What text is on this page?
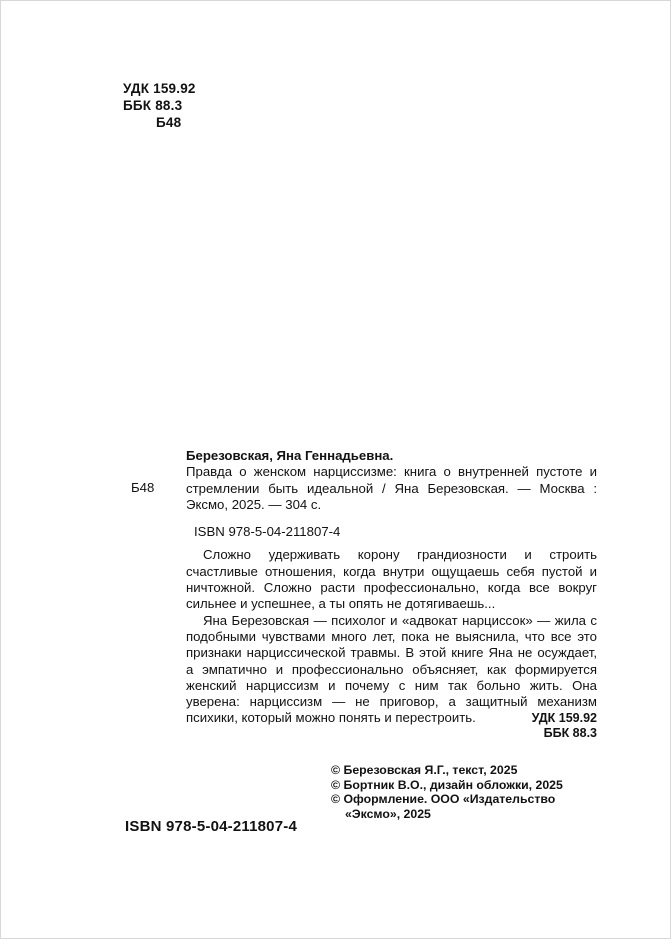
УДК 159.92
ББК 88.3
Б48
Березовская, Яна Геннадьевна.
Б48
Правда о женском нарциссизме: книга о внутренней пустоте и стремлении быть идеальной / Яна Березовская. — Москва : Эксмо, 2025. — 304 с.
ISBN 978-5-04-211807-4

Сложно удерживать корону грандиозности и строить счастливые отношения, когда внутри ощущаешь себя пустой и ничтожной. Сложно расти профессионально, когда все вокруг сильнее и успешнее, а ты опять не дотягиваешь...

Яна Березовская — психолог и «адвокат нарциссок» — жила с подобными чувствами много лет, пока не выяснила, что все это признаки нарциссической травмы. В этой книге Яна не осуждает, а эмпатично и профессионально объясняет, как формируется женский нарциссизм и почему с ним так больно жить. Она уверена: нарциссизм — не приговор, а защитный механизм психики, который можно понять и перестроить.	УДК 159.92
ББК 88.3
© Березовская Я.Г., текст, 2025
© Бортник В.О., дизайн обложки, 2025
© Оформление. ООО «Издательство «Эксмо», 2025
ISBN 978-5-04-211807-4
